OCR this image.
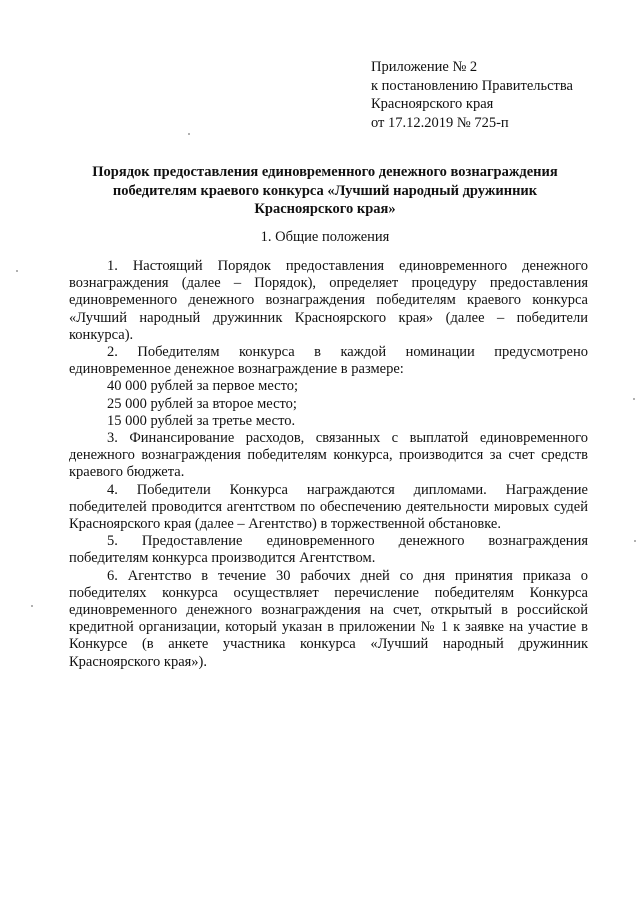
Приложение № 2
к постановлению Правительства
Красноярского края
от 17.12.2019 № 725-п
Порядок предоставления единовременного денежного вознаграждения
победителям краевого конкурса «Лучший народный дружинник
Красноярского края»
1. Общие положения

1. Настоящий Порядок предоставления единовременного денежного вознаграждения (далее – Порядок), определяет процедуру предоставления единовременного денежного вознаграждения победителям краевого конкурса «Лучший народный дружинник Красноярского края» (далее – победители конкурса).

2. Победителям конкурса в каждой номинации предусмотрено единовременное денежное вознаграждение в размере:

40 000 рублей за первое место;

25 000 рублей за второе место;

15 000 рублей за третье место.

3. Финансирование расходов, связанных с выплатой единовременного денежного вознаграждения победителям конкурса, производится за счет средств краевого бюджета.

4. Победители Конкурса награждаются дипломами. Награждение победителей проводится агентством по обеспечению деятельности мировых судей Красноярского края (далее – Агентство) в торжественной обстановке.

5. Предоставление единовременного денежного вознаграждения победителям конкурса производится Агентством.

6. Агентство в течение 30 рабочих дней со дня принятия приказа о победителях конкурса осуществляет перечисление победителям Конкурса единовременного денежного вознаграждения на счет, открытый в российской кредитной организации, который указан в приложении № 1 к заявке на участие в Конкурсе (в анкете участника конкурса «Лучший народный дружинник Красноярского края»).
